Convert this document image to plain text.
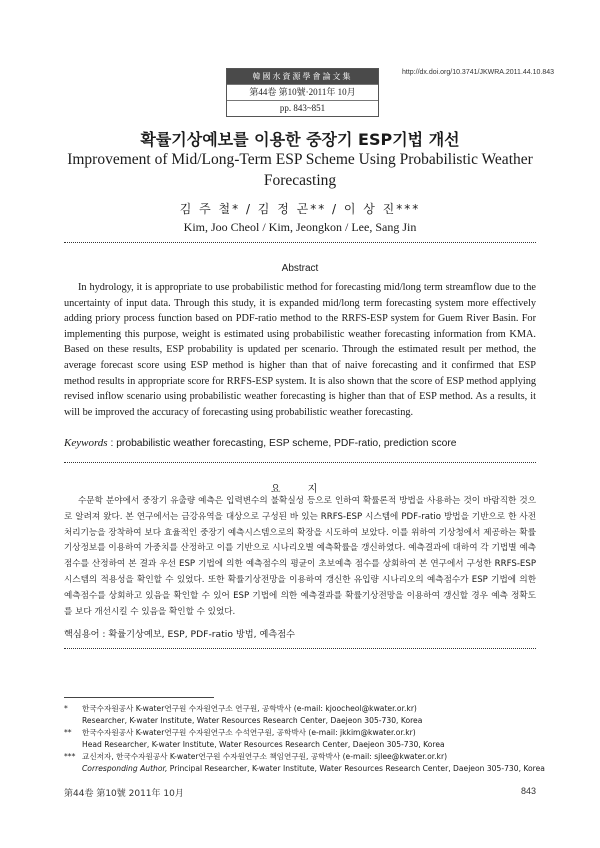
韓國水資源學會論文集
第44卷 第10號·2011年 10月
pp. 843~851
http://dx.doi.org/10.3741/JKWRA.2011.44.10.843
확률기상예보를 이용한 중장기 ESP기법 개선
Improvement of Mid/Long-Term ESP Scheme Using Probabilistic Weather Forecasting
김 주 철* / 김 정 곤** / 이 상 진***
Kim, Joo Cheol / Kim, Jeongkon / Lee, Sang Jin
Abstract
In hydrology, it is appropriate to use probabilistic method for forecasting mid/long term streamflow due to the uncertainty of input data. Through this study, it is expanded mid/long term forecasting system more effectively adding priory process function based on PDF-ratio method to the RRFS-ESP system for Guem River Basin. For implementing this purpose, weight is estimated using probabilistic weather forecasting information from KMA. Based on these results, ESP probability is updated per scenario. Through the estimated result per method, the average forecast score using ESP method is higher than that of naive forecasting and it confirmed that ESP method results in appropriate score for RRFS-ESP system. It is also shown that the score of ESP method applying revised inflow scenario using probabilistic weather forecasting is higher than that of ESP method. As a results, it will be improved the accuracy of forecasting using probabilistic weather forecasting.
Keywords : probabilistic weather forecasting, ESP scheme, PDF-ratio, prediction score
요 지
수문학 분야에서 중장기 유출량 예측은 입력변수의 불확실성 등으로 인하여 확률론적 방법을 사용하는 것이 바람직한 것으로 알려져 왔다. 본 연구에서는 금강유역을 대상으로 구성된 바 있는 RRFS-ESP 시스템에 PDF-ratio 방법을 기반으로 한 사전처리기능을 장착하여 보다 효율적인 중장기 예측시스템으로의 확장을 시도하여 보았다. 이를 위하여 기상청에서 제공하는 확률기상정보를 이용하여 가중치를 산정하고 이를 기반으로 시나리오별 예측확률을 갱신하였다. 예측결과에 대하여 각 기법별 예측점수를 산정하여 본 결과 우선 ESP 기법에 의한 예측점수의 평균이 초보예측 점수를 상회하여 본 연구에서 구성한 RRFS-ESP 시스템의 적용성을 확인할 수 있었다. 또한 확률기상전망을 이용하여 갱신한 유입량 시나리오의 예측점수가 ESP 기법에 의한 예측점수를 상회하고 있음을 확인할 수 있어 ESP 기법에 의한 예측결과를 확률기상전망을 이용하여 갱신할 경우 예측 정확도를 보다 개선시킬 수 있음을 확인할 수 있었다.
핵심용어 : 확률기상예보, ESP, PDF-ratio 방법, 예측점수
*	한국수자원공사 K-water연구원 수자원연구소 연구원, 공학박사 (e-mail: kjoocheol@kwater.or.kr)
Researcher, K-water Institute, Water Resources Research Center, Daejeon 305-730, Korea
**	한국수자원공사 K-water연구원 수자원연구소 수석연구원, 공학박사 (e-mail: jkkim@kwater.or.kr)
Head Researcher, K-water Institute, Water Resources Research Center, Daejeon 305-730, Korea
*** 교신저자, 한국수자원공사 K-water연구원 수자원연구소 책임연구원, 공학박사 (e-mail: sjlee@kwater.or.kr)
Corresponding Author, Principal Researcher, K-water Institute, Water Resources Research Center, Daejeon 305-730, Korea
第44卷 第10號 2011年 10月	843
